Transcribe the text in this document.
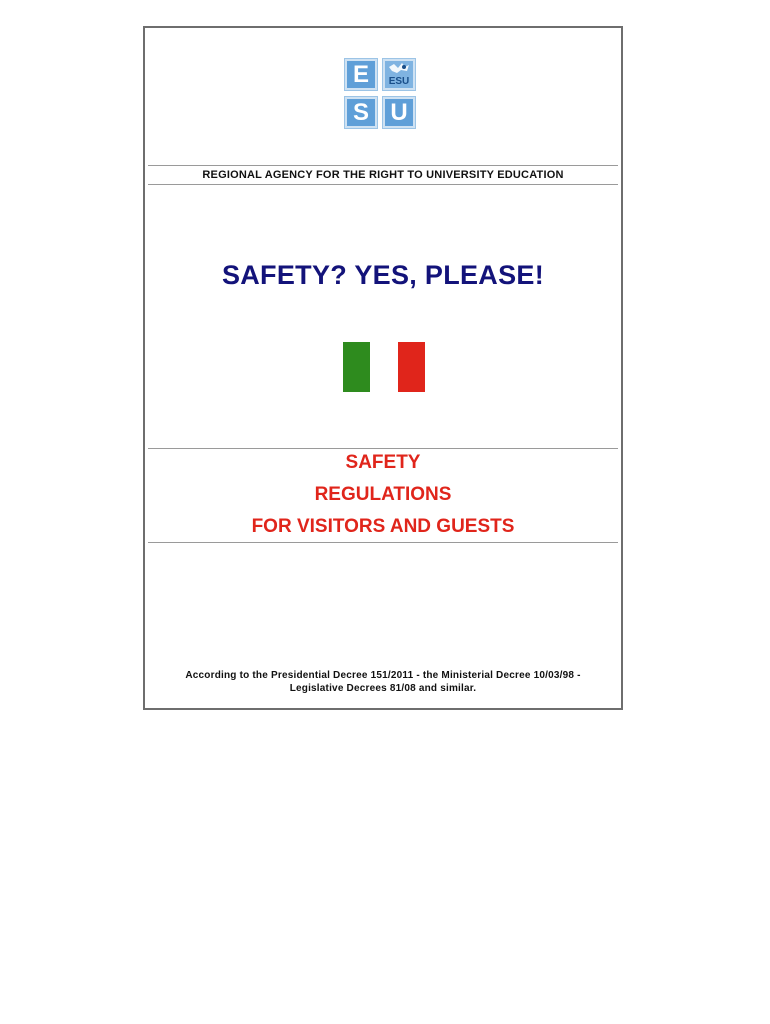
E	ESU
S U
REGIONAL AGENCY FOR THE RIGHT TO UNIVERSITY EDUCATION
SAFETY? YES, PLEASE!
SAFETY
REGULATIONS
FOR VISITORS AND GUESTS
According to the Presidential Decree 151/2011 - the Ministerial Decree 10/03/98 -
Legislative Decrees 81/08 and similar.
